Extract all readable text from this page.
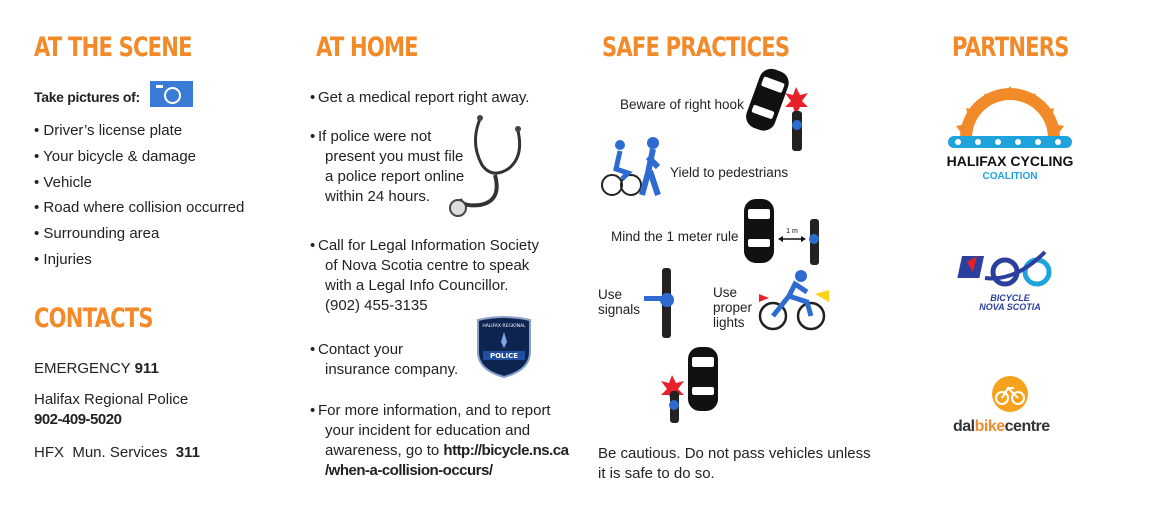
AT THE SCENE
Take pictures of:
• Driver’s license plate
• Your bicycle & damage
• Vehicle
• Road where collision occurred
• Surrounding area
• Injuries
CONTACTS
EMERGENCY 911
Halifax Regional Police
902-409-5020
HFX  Mun. Services 311
AT HOME
• Get a medical report right away.
• If police were not
present you must file
a police report online
within 24 hours.
• Call for Legal Information Society
of Nova Scotia centre to speak
with a Legal Info Councillor.
(902) 455-3135
• Contact your
insurance company.
HALIFAX REGIONAL
POLICE
• For more information, and to report
your incident for education and
awareness, go to http://bicycle.ns.ca
/when-a-collision-occurs/
SAFE PRACTICES
Beware of right hook
Yield to pedestrians
Mind the 1 meter rule	1 m
Use
signals
Use
proper
lights
Be cautious. Do not pass vehicles unless
it is safe to do so.
PARTNERS
HALIFAX CYCLING
COALITION
BICYCLE
NOVA SCOTIA
dalbikecentre
